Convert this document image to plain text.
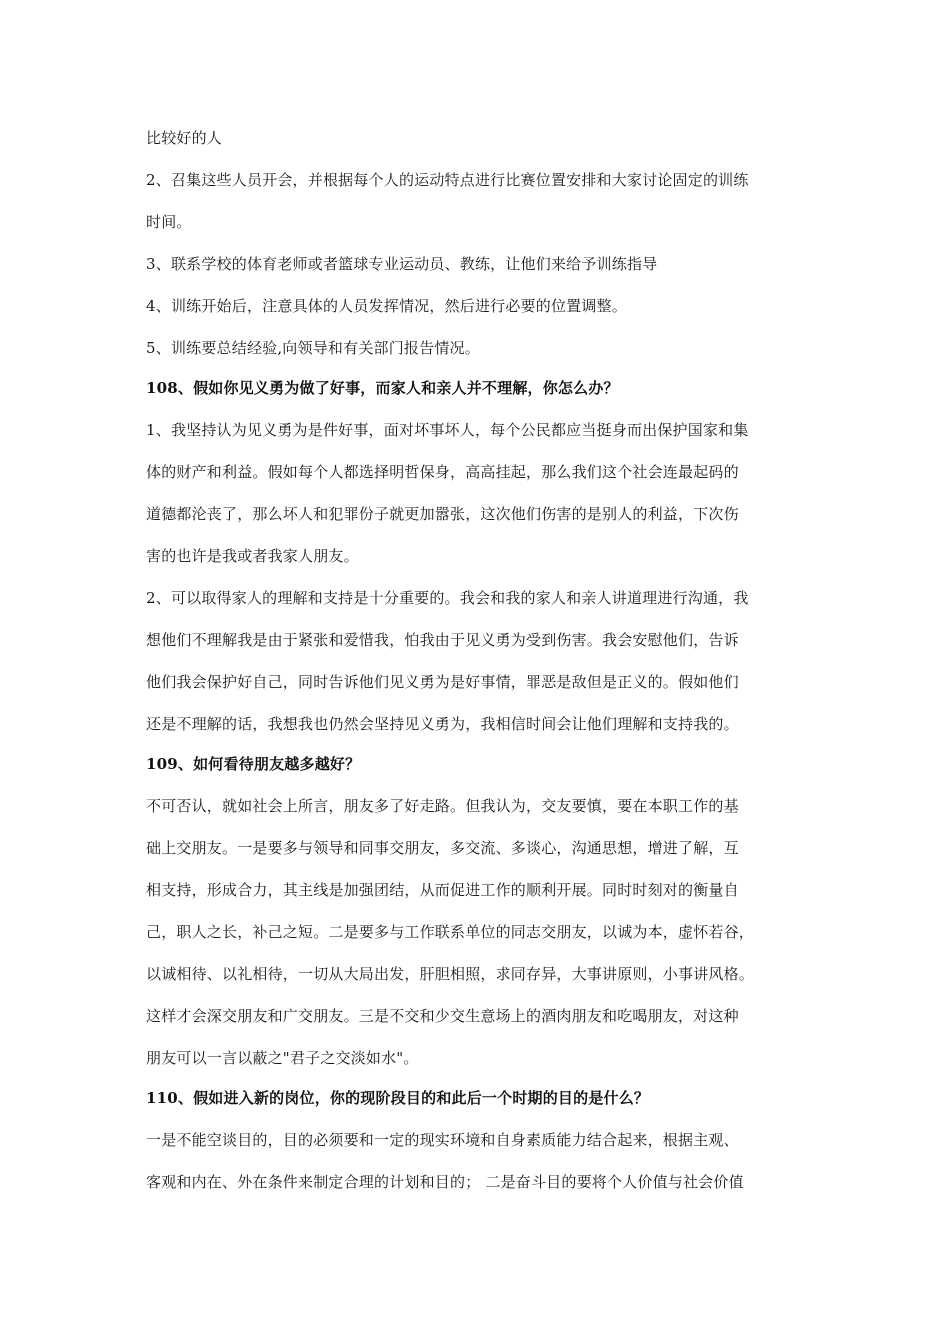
比较好的人
2、召集这些人员开会，并根据每个人的运动特点进行比赛位置安排和大家讨论固定的训练
时间。
3、联系学校的体育老师或者篮球专业运动员、教练，让他们来给予训练指导
4、训练开始后，注意具体的人员发挥情况，然后进行必要的位置调整。
5、训练要总结经验,向领导和有关部门报告情况。
108、假如你见义勇为做了好事，而家人和亲人并不理解，你怎么办？
1、我坚持认为见义勇为是件好事，面对坏事坏人，每个公民都应当挺身而出保护国家和集
体的财产和利益。假如每个人都选择明哲保身，高高挂起，那么我们这个社会连最起码的
道德都沦丧了，那么坏人和犯罪份子就更加嚣张，这次他们伤害的是别人的利益，下次伤
害的也许是我或者我家人朋友。
2、可以取得家人的理解和支持是十分重要的。我会和我的家人和亲人讲道理进行沟通，我
想他们不理解我是由于紧张和爱惜我，怕我由于见义勇为受到伤害。我会安慰他们，告诉
他们我会保护好自己，同时告诉他们见义勇为是好事情，罪恶是敌但是正义的。假如他们
还是不理解的话，我想我也仍然会坚持见义勇为，我相信时间会让他们理解和支持我的。
109、如何看待朋友越多越好？
不可否认，就如社会上所言，朋友多了好走路。但我认为，交友要慎，要在本职工作的基
础上交朋友。一是要多与领导和同事交朋友，多交流、多谈心，沟通思想，增进了解，互
相支持，形成合力，其主线是加强团结，从而促进工作的顺利开展。同时时刻对的衡量自
己，职人之长，补己之短。二是要多与工作联系单位的同志交朋友，以诚为本，虚怀若谷，
以诚相待、以礼相待，一切从大局出发，肝胆相照，求同存异，大事讲原则，小事讲风格。
这样才会深交朋友和广交朋友。三是不交和少交生意场上的酒肉朋友和吃喝朋友，对这种
朋友可以一言以蔽之"君子之交淡如水"。
110、假如进入新的岗位，你的现阶段目的和此后一个时期的目的是什么？
一是不能空谈目的，目的必须要和一定的现实环境和自身素质能力结合起来，根据主观、
客观和内在、外在条件来制定合理的计划和目的； 二是奋斗目的要将个人价值与社会价值
